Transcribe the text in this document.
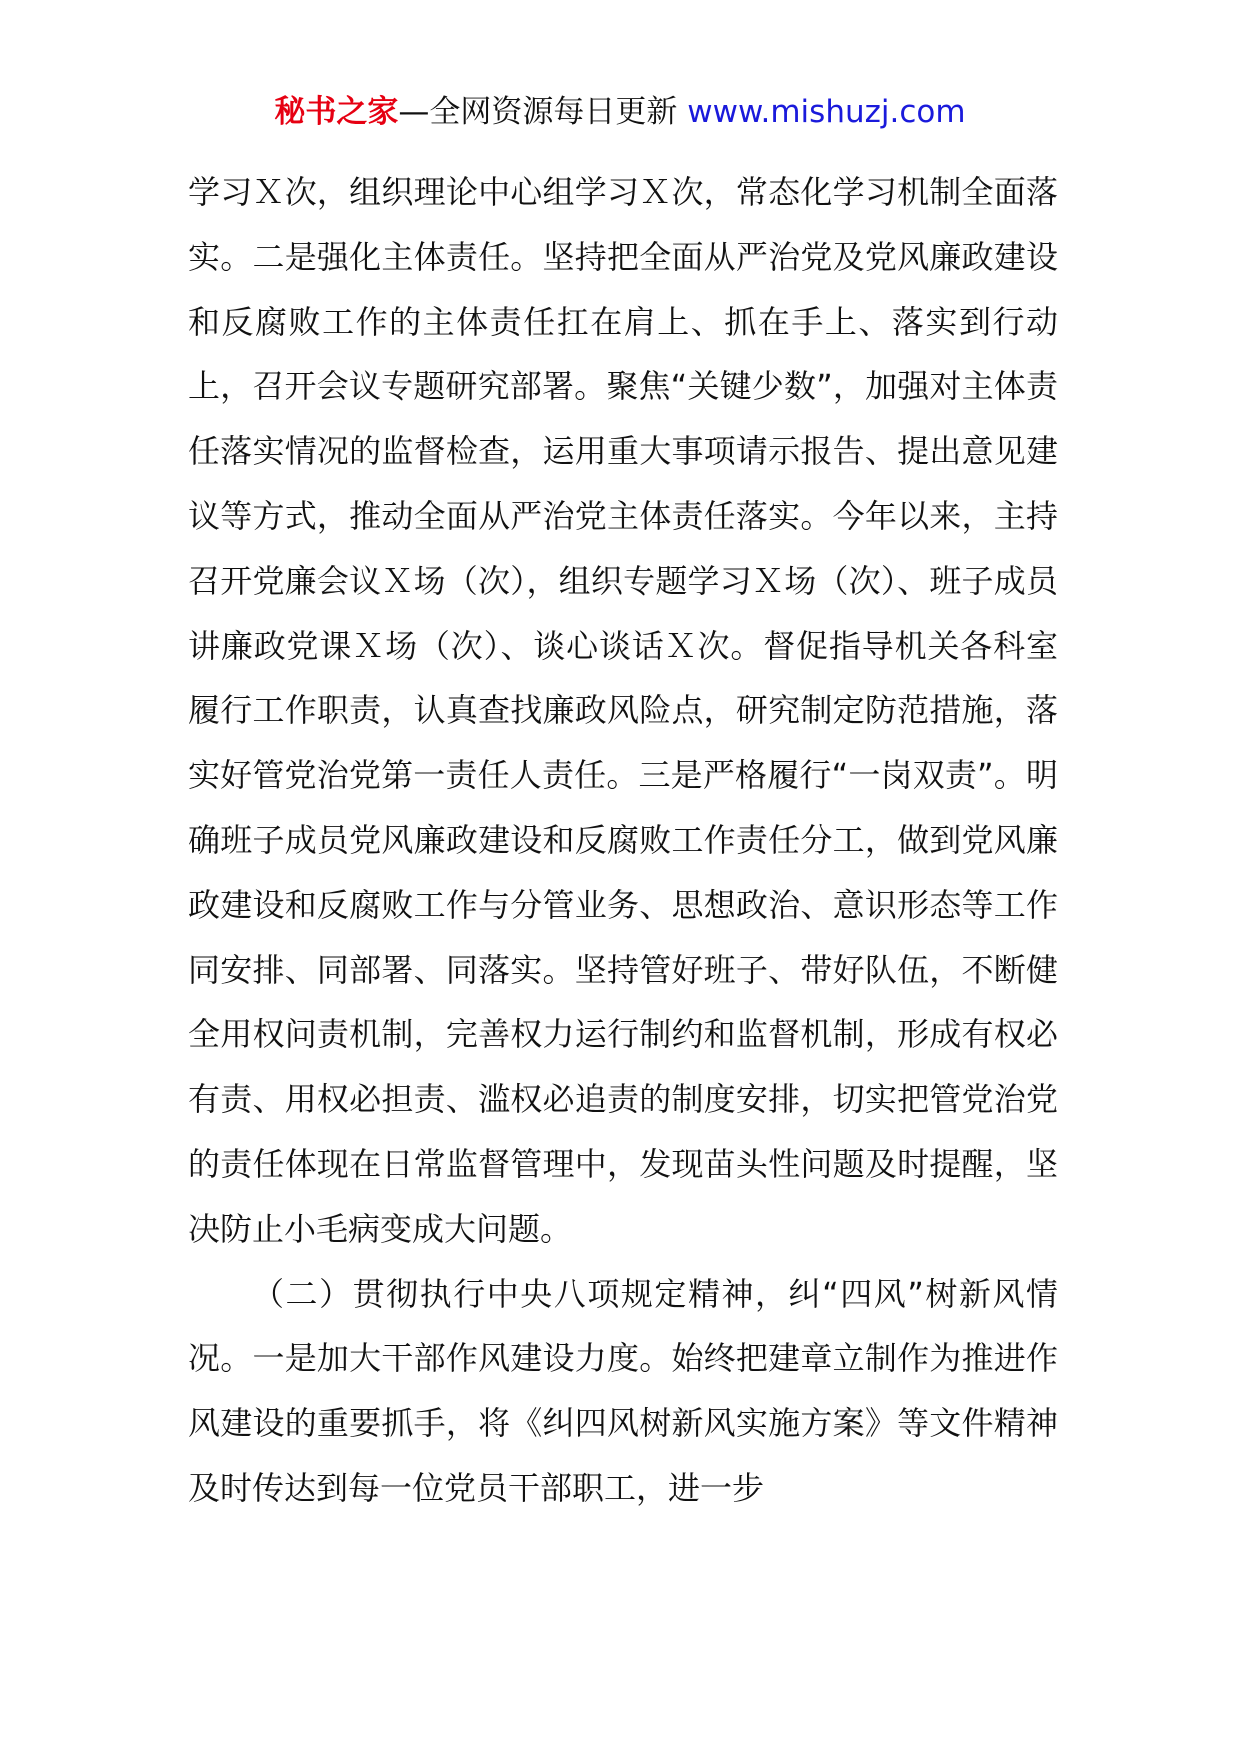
秘书之家—全网资源每日更新 www.mishuzj.com

学习Ｘ次，组织理论中心组学习Ｘ次，常态化学习机制全面落实。二是强化主体责任。坚持把全面从严治党及党风廉政建设和反腐败工作的主体责任扛在肩上、抓在手上、落实到行动上，召开会议专题研究部署。聚焦“关键少数”，加强对主体责任落实情况的监督检查，运用重大事项请示报告、提出意见建议等方式，推动全面从严治党主体责任落实。今年以来，主持召开党廉会议Ｘ场（次），组织专题学习Ｘ场（次）、班子成员讲廉政党课Ｘ场（次）、谈心谈话Ｘ次。督促指导机关各科室履行工作职责，认真查找廉政风险点，研究制定防范措施，落实好管党治党第一责任人责任。三是严格履行“一岗双责”。明确班子成员党风廉政建设和反腐败工作责任分工，做到党风廉政建设和反腐败工作与分管业务、思想政治、意识形态等工作同安排、同部署、同落实。坚持管好班子、带好队伍，不断健全用权问责机制，完善权力运行制约和监督机制，形成有权必有责、用权必担责、滥权必追责的制度安排，切实把管党治党的责任体现在日常监督管理中，发现苗头性问题及时提醒，坚决防止小毛病变成大问题。

（二）贯彻执行中央八项规定精神，纠“四风”树新风情况。一是加大干部作风建设力度。始终把建章立制作为推进作风建设的重要抓手，将《纠四风树新风实施方案》等文件精神及时传达到每一位党员干部职工，进一步
